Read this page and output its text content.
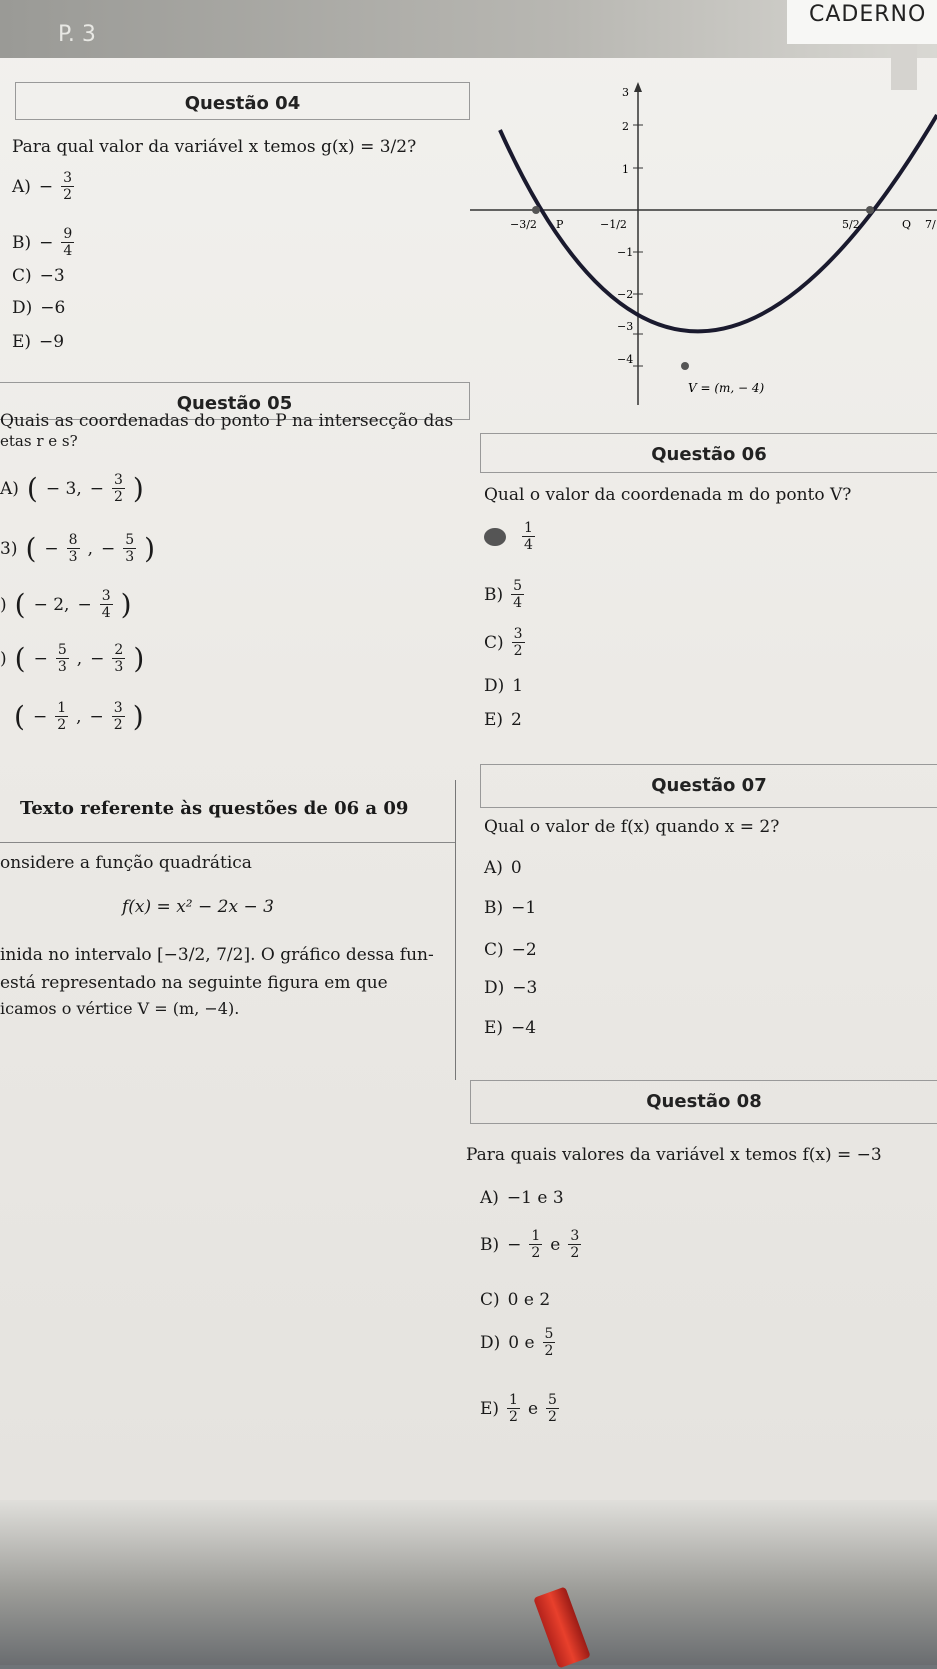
P. 3
CADERNO
Questão 04
Para qual valor da variável x temos g(x) = 3/2?
$A) - \frac{3}{2}$
$B) - \frac{9}{4}$
C) −3
D) −6
E) −9
3
2
1
−1
−2
−3
−4
−3/2 P	−1/2	5/2	Q 7/
V = (m, − 4)
Questão 05
Quais as coordenadas do ponto P na intersecção das
etas r e s?
A) ( − 3, − $\frac{3}{2}$ )
3) ( − $\frac{8}{3}$ , − $\frac{5}{3}$ )
) ( − 2, − $\frac{3}{4}$ )
) ( − $\frac{5}{3}$ , − $\frac{2}{3}$ )
( − $\frac{1}{2}$ , − $\frac{3}{2}$ )
Questão 06
Qual o valor da coordenada m do ponto V?
$\frac{1}{4}$
$B) \frac{5}{4}$
$C) \frac{3}{2}$
D) 1
E) 2
Texto referente às questões de 06 a 09
onsidere a função quadrática
f(x) = x² − 2x − 3
inida no intervalo [−3/2, 7/2]. O gráfico dessa fun-
está representado na seguinte figura em que
icamos o vértice V = (m, −4).
Questão 07
Qual o valor de f(x) quando x = 2?
A) 0
B) −1
C) −2
D) −3
E) −4
Questão 08
Para quais valores da variável x temos f(x) = −3
A) −1 e 3
$B) - \frac{1}{2}$ e $\frac{3}{2}$
C) 0 e 2
D) 0 e $\frac{5}{2}$
$E) \frac{1}{2}$ e $\frac{5}{2}$
